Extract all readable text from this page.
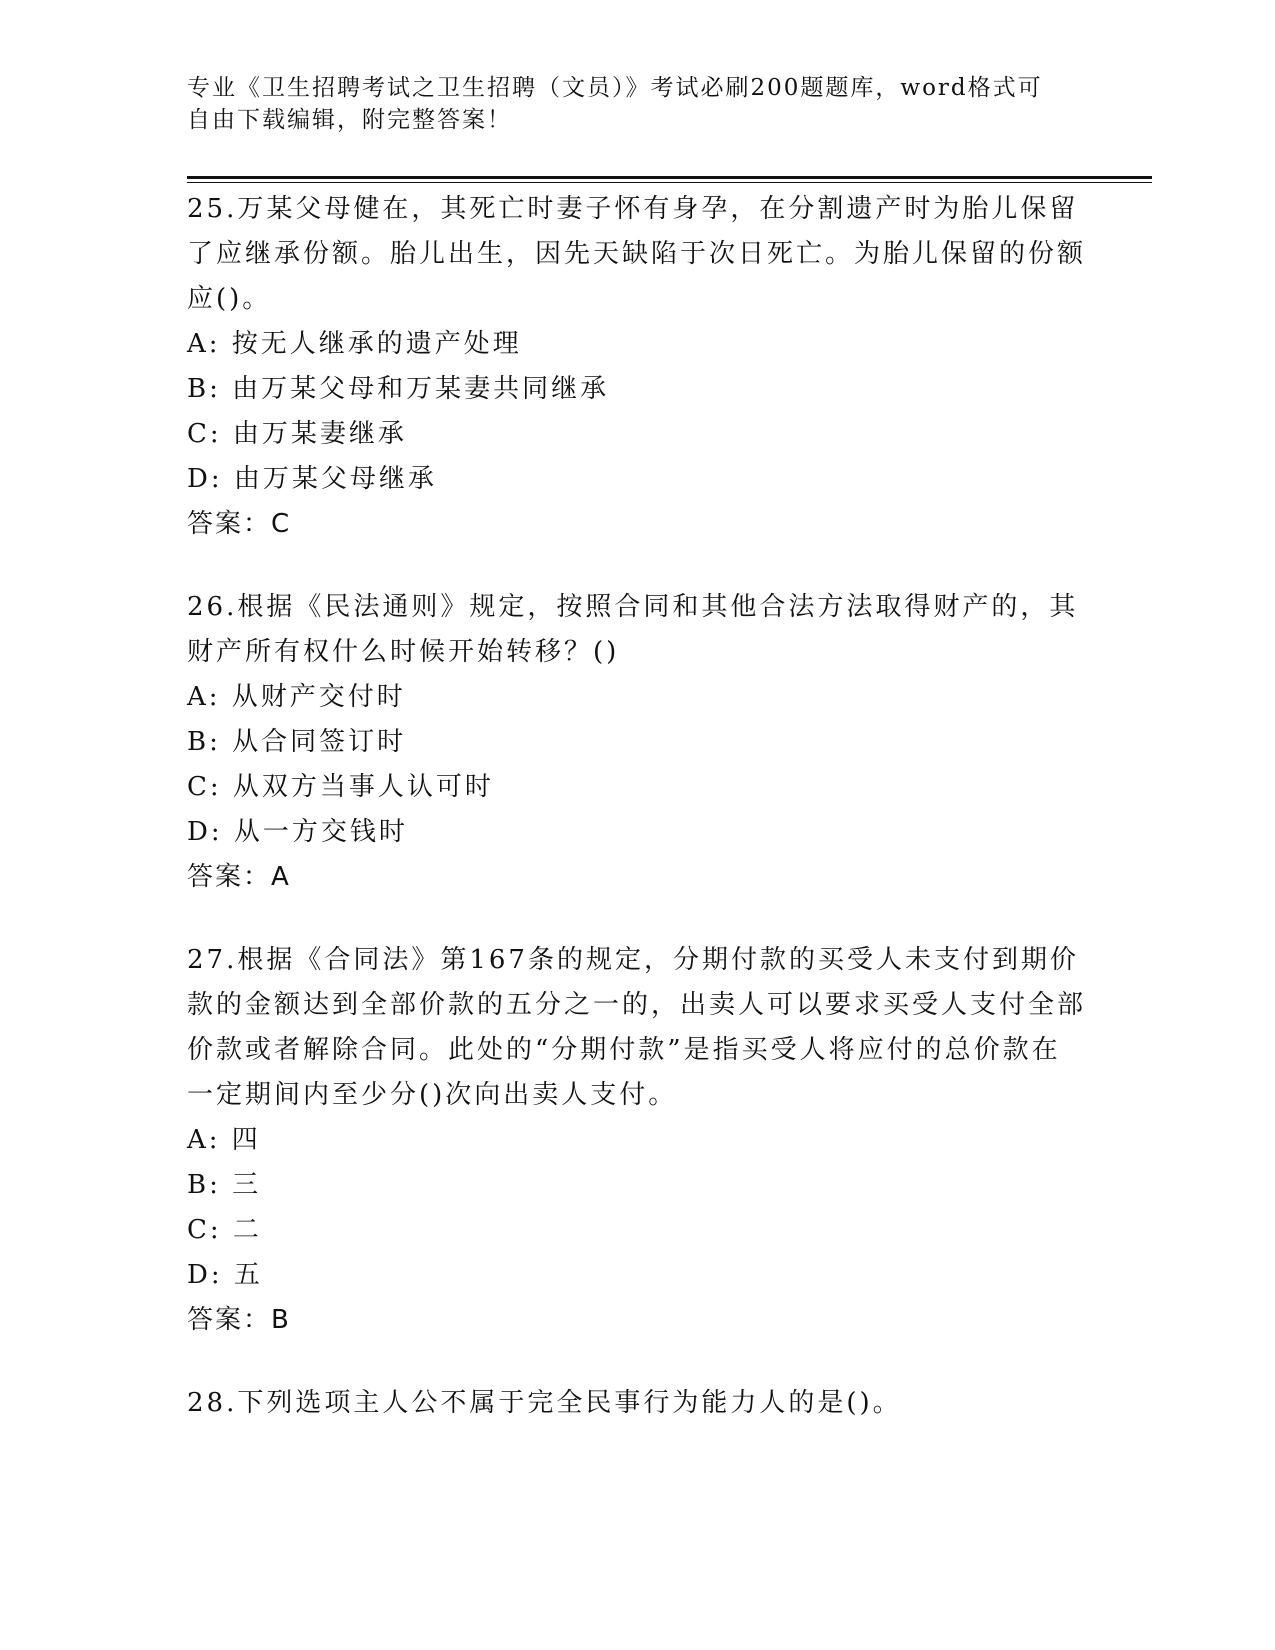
专业《卫生招聘考试之卫生招聘（文员）》考试必刷200题题库，word格式可自由下载编辑，附完整答案！
25.万某父母健在，其死亡时妻子怀有身孕，在分割遗产时为胎儿保留了应继承份额。胎儿出生，因先天缺陷于次日死亡。为胎儿保留的份额应()。
A: 按无人继承的遗产处理
B: 由万某父母和万某妻共同继承
C: 由万某妻继承
D: 由万某父母继承
答案：C
26.根据《民法通则》规定，按照合同和其他合法方法取得财产的，其财产所有权什么时候开始转移？()
A: 从财产交付时
B: 从合同签订时
C: 从双方当事人认可时
D: 从一方交钱时
答案：A
27.根据《合同法》第167条的规定，分期付款的买受人未支付到期价款的金额达到全部价款的五分之一的，出卖人可以要求买受人支付全部价款或者解除合同。此处的“分期付款”是指买受人将应付的总价款在一定期间内至少分()次向出卖人支付。
A: 四
B: 三
C: 二
D: 五
答案：B
28.下列选项主人公不属于完全民事行为能力人的是()。
